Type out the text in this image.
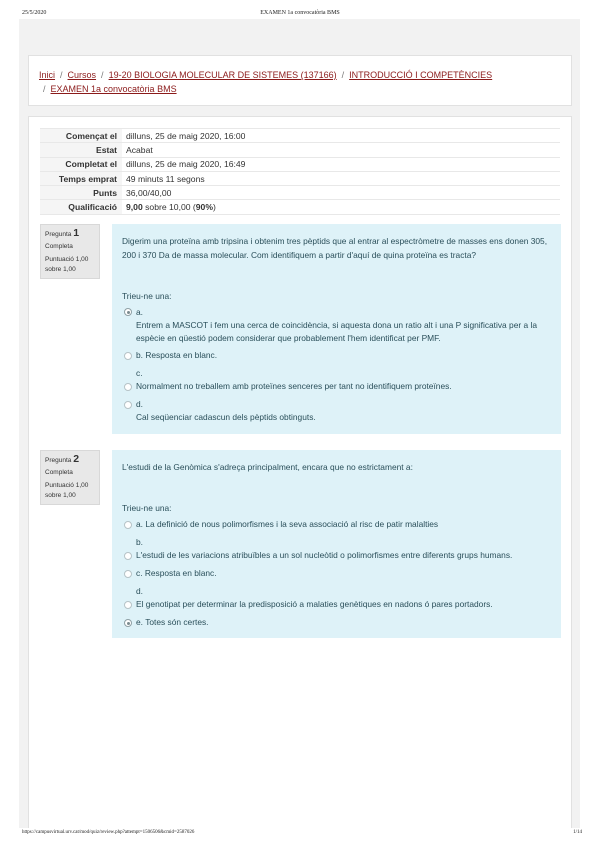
25/5/2020	EXAMEN 1a convocatòria BMS
Inici / Cursos / 19-20 BIOLOGIA MOLECULAR DE SISTEMES (137166) / INTRODUCCIÓ I COMPETÈNCIES
/ EXAMEN 1a convocatòria BMS
Començat el	dilluns, 25 de maig 2020, 16:00
Estat	Acabat
Completat el	dilluns, 25 de maig 2020, 16:49
Temps emprat	49 minuts 11 segons
Punts	36,00/40,00
Qualificació	9,00 sobre 10,00 (90%)
Pregunta 1
Completa
Puntuació 1,00 sobre 1,00
Digerim una proteïna amb tripsina i obtenim tres pèptids que al entrar al espectròmetre de masses ens donen 305, 200 i 370 Da de massa molecular. Com identifiquem a partir d'aquí de quina proteïna es tracta?
Trieu-ne una:
a.
Entrem a MASCOT i fem una cerca de coincidència, si aquesta dona un ratio alt i una P significativa per a la espècie en qüestió podem considerar que probablement l'hem identificat per PMF.
b. Resposta en blanc.
c.
Normalment no treballem amb proteïnes senceres per tant no identifiquem proteïnes.
d.
Cal seqüenciar cadascun dels pèptids obtinguts.
Pregunta 2
Completa
Puntuació 1,00 sobre 1,00
L'estudi de la Genòmica s'adreça principalment, encara que no estrictament a:
Trieu-ne una:
a. La definició de nous polimorfismes i la seva associació al risc de patir malalties
b.
L'estudi de les variacions atribuïbles a un sol nucleòtid o polimorfismes entre diferents grups humans.
c. Resposta en blanc.
d.
El genotipat per determinar la predisposició a malaties genètiques en nadons ó pares portadors.
e. Totes són certes.
https://campusvirtual.urv.cat/mod/quiz/review.php?attempt=1506506&cmid=2587026	1/14
